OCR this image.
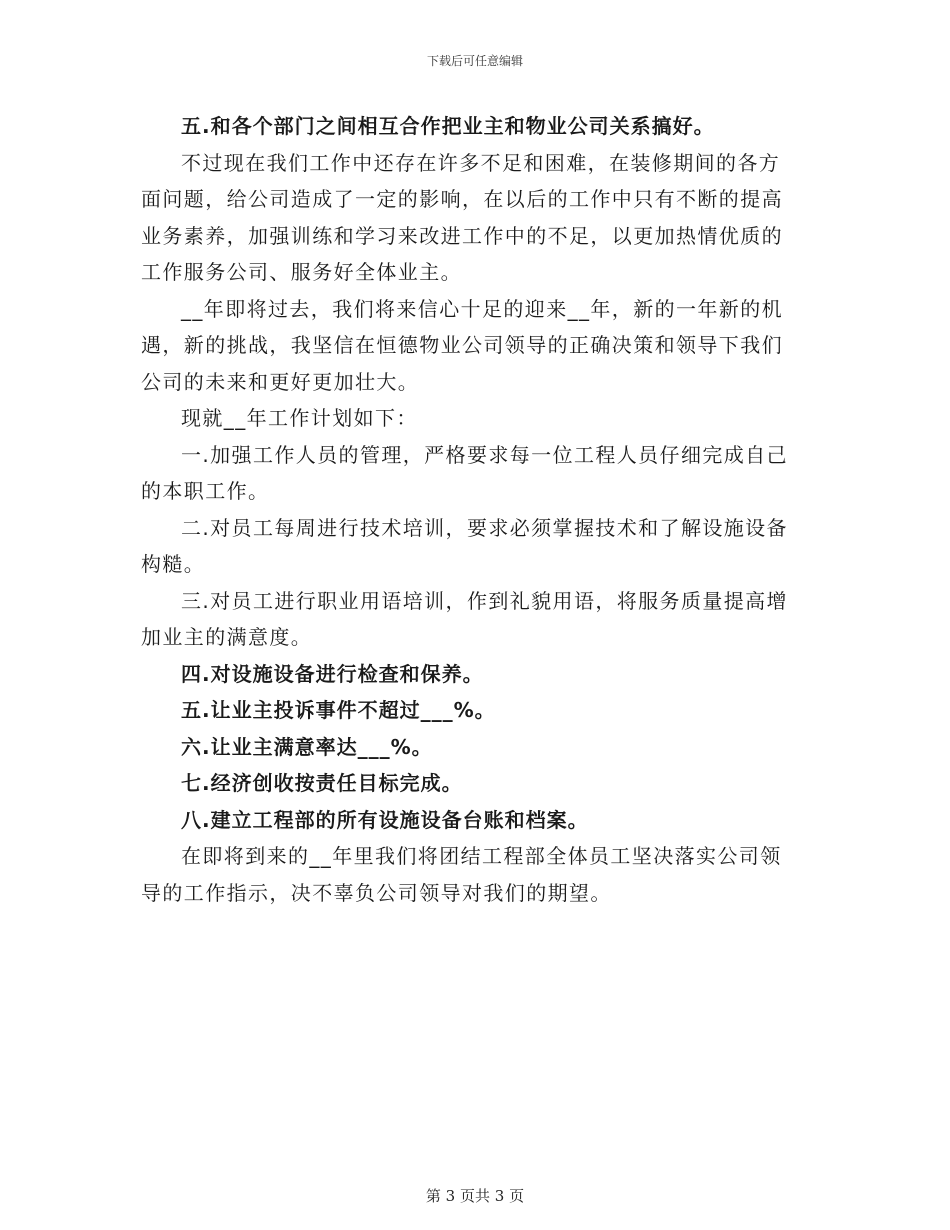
下载后可任意编辑
五.和各个部门之间相互合作把业主和物业公司关系搞好。
不过现在我们工作中还存在许多不足和困难，在装修期间的各方
面问题，给公司造成了一定的影响，在以后的工作中只有不断的提高
业务素养，加强训练和学习来改进工作中的不足，以更加热情优质的
工作服务公司、服务好全体业主。
__年即将过去，我们将来信心十足的迎来__年，新的一年新的机
遇，新的挑战，我坚信在恒德物业公司领导的正确决策和领导下我们
公司的未来和更好更加壮大。
现就__年工作计划如下：
一.加强工作人员的管理，严格要求每一位工程人员仔细完成自己
的本职工作。
二.对员工每周进行技术培训，要求必须掌握技术和了解设施设备
构糙。
三.对员工进行职业用语培训，作到礼貌用语，将服务质量提高增
加业主的满意度。
四.对设施设备进行检查和保养。
五.让业主投诉事件不超过___%。
六.让业主满意率达___%。
七.经济创收按责任目标完成。
八.建立工程部的所有设施设备台账和档案。
在即将到来的__年里我们将团结工程部全体员工坚决落实公司领
导的工作指示，决不辜负公司领导对我们的期望。
第 3 页共 3 页
